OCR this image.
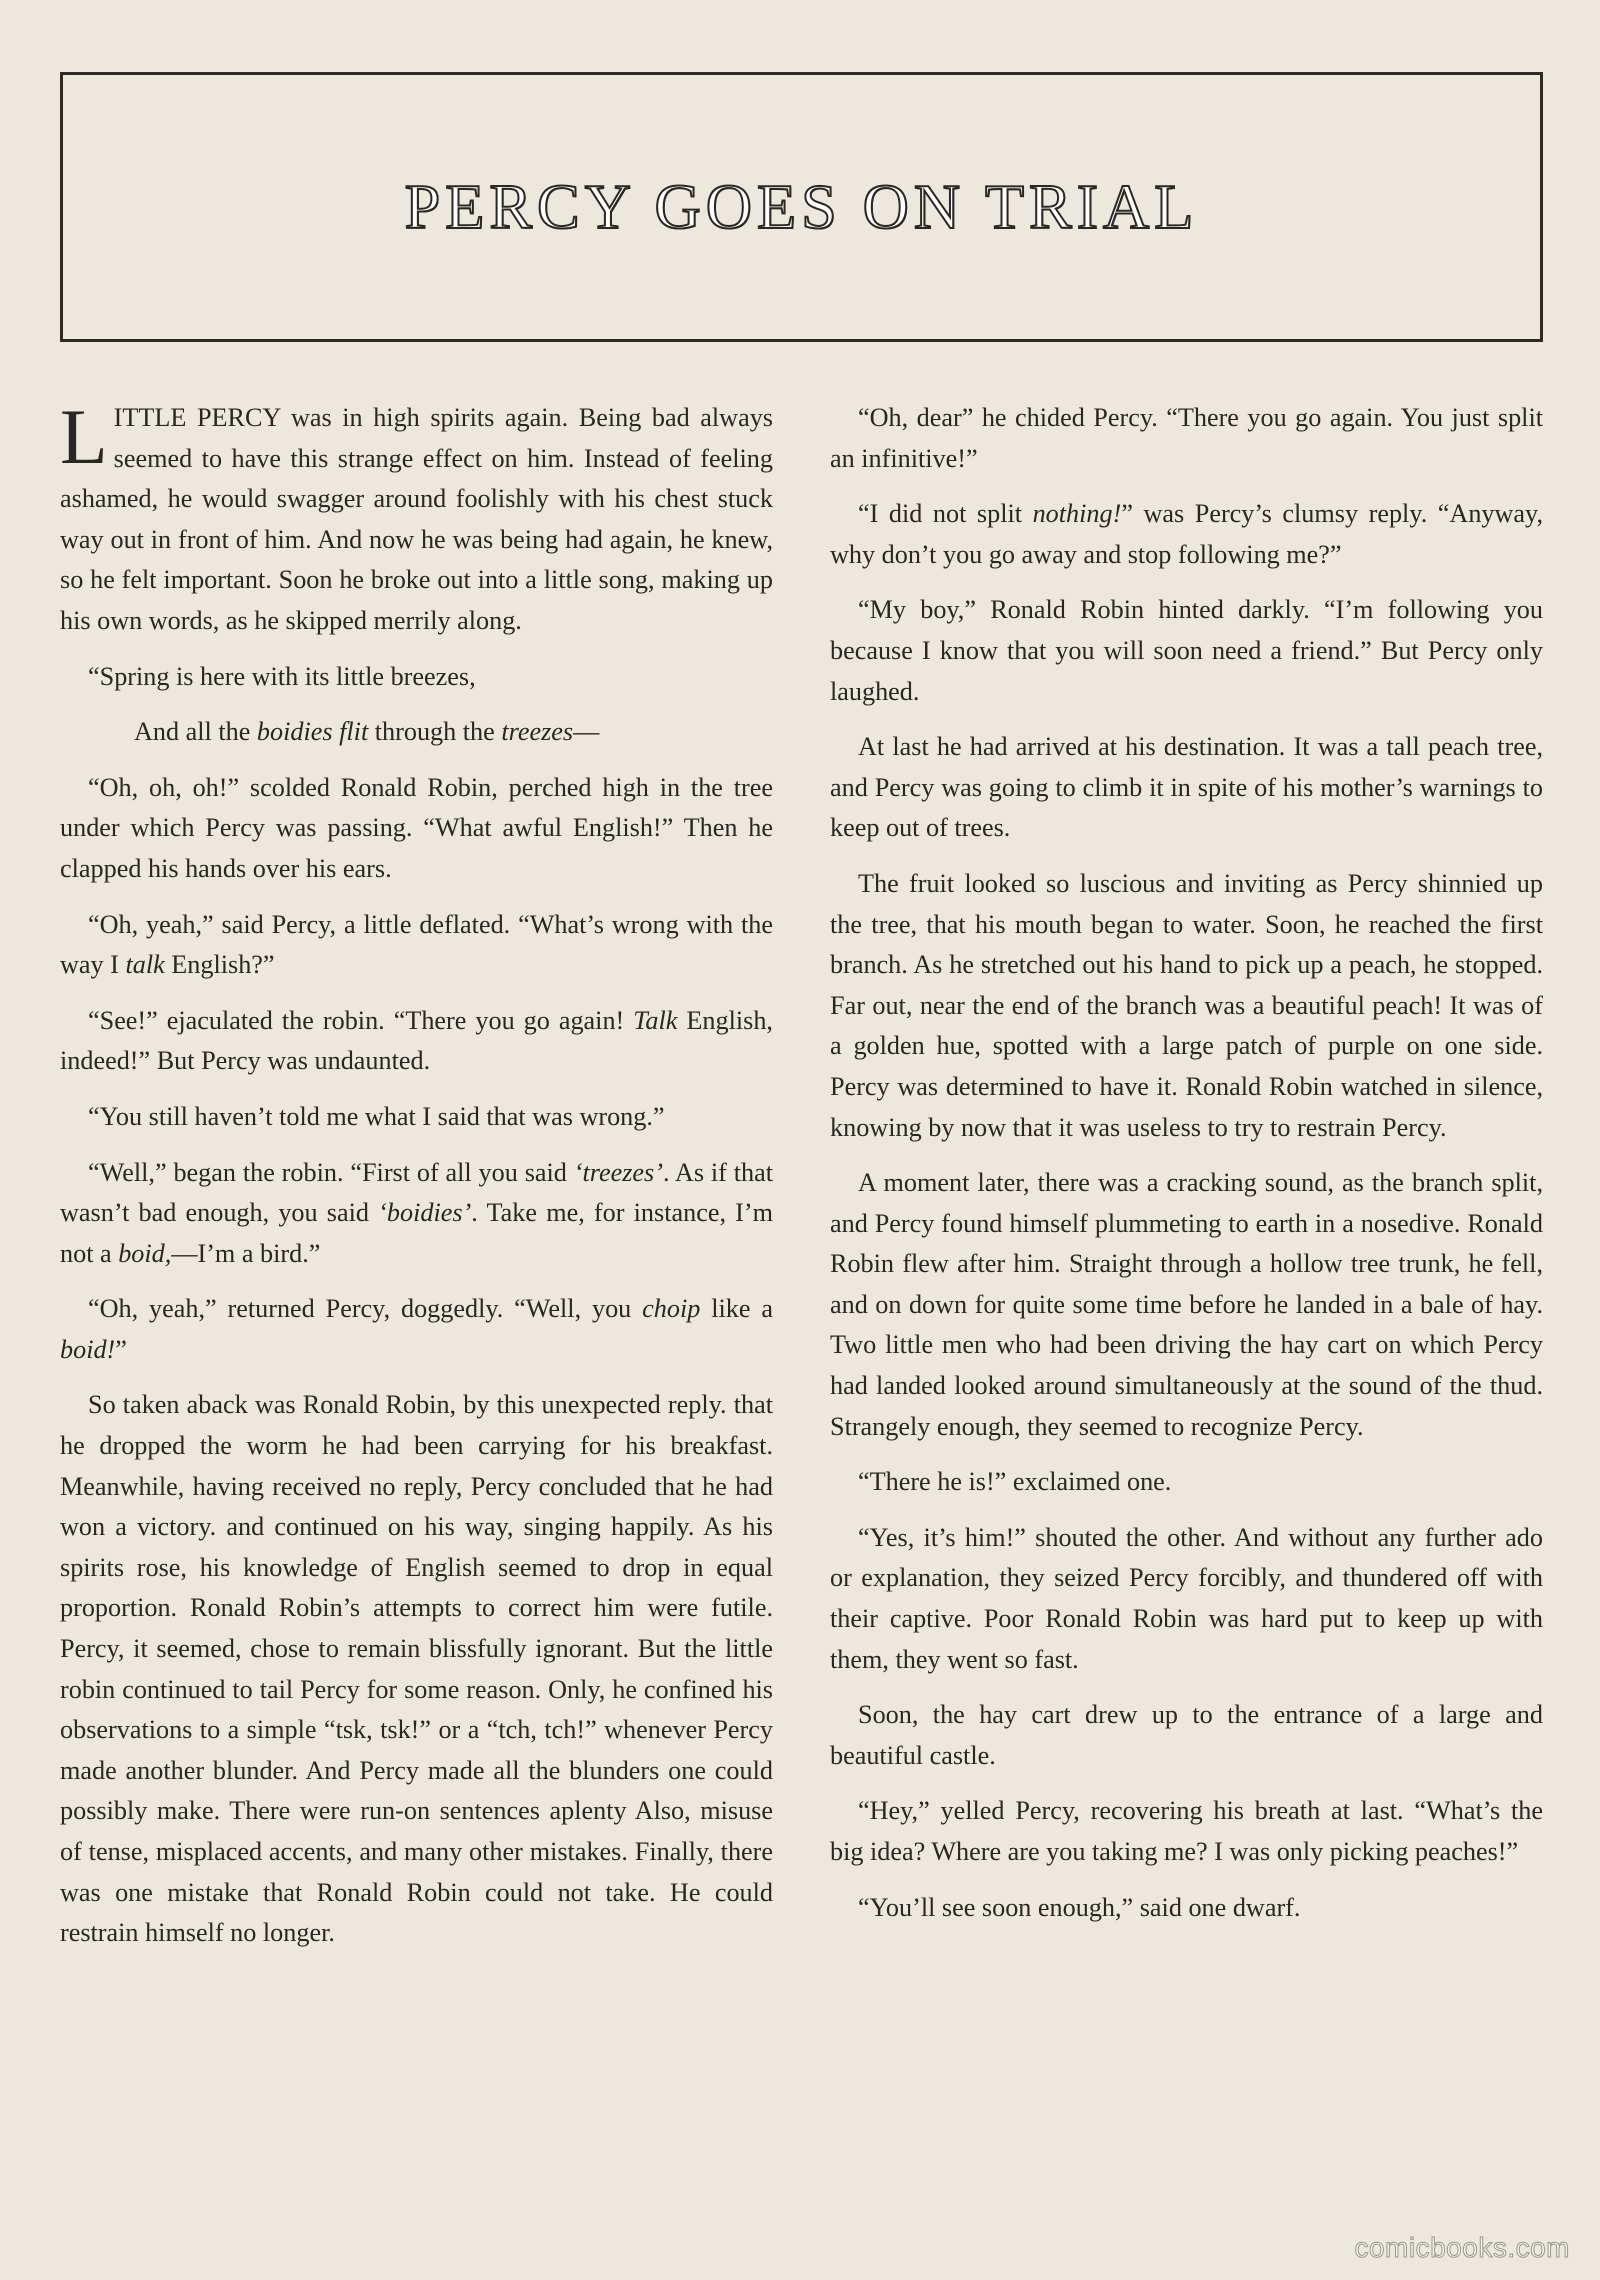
PERCY GOES ON TRIAL

LITTLE PERCY was in high spirits again. Being bad always seemed to have this strange effect on him. Instead of feeling ashamed, he would swagger around foolishly with his chest stuck way out in front of him. And now he was being had again, he knew, so he felt important. Soon he broke out into a little song, making up his own words, as he skipped merrily along.

“Spring is here with its little breezes,

And all the boidies flit through the treezes—

“Oh, oh, oh!” scolded Ronald Robin, perched high in the tree under which Percy was passing. “What awful English!” Then he clapped his hands over his ears.

“Oh, yeah,” said Percy, a little deflated. “What’s wrong with the way I talk English?”

“See!” ejaculated the robin. “There you go again! Talk English, indeed!” But Percy was undaunted.

“You still haven’t told me what I said that was wrong.”

“Well,” began the robin. “First of all you said ‘treezes’. As if that wasn’t bad enough, you said ‘boidies’. Take me, for instance, I’m not a boid,—I’m a bird.”

“Oh, yeah,” returned Percy, doggedly. “Well, you choip like a boid!”

So taken aback was Ronald Robin, by this unexpected reply. that he dropped the worm he had been carrying for his breakfast. Meanwhile, having received no reply, Percy concluded that he had won a victory. and continued on his way, singing happily. As his spirits rose, his knowledge of English seemed to drop in equal proportion. Ronald Robin’s attempts to correct him were futile. Percy, it seemed, chose to remain blissfully ignorant. But the little robin continued to tail Percy for some reason. Only, he confined his observations to a simple “tsk, tsk!” or a “tch, tch!” whenever Percy made another blunder. And Percy made all the blunders one could possibly make. There were run-on sentences aplenty Also, misuse of tense, misplaced accents, and many other mistakes. Finally, there was one mistake that Ronald Robin could not take. He could restrain himself no longer.

“Oh, dear” he chided Percy. “There you go again. You just split an infinitive!”

“I did not split nothing!” was Percy’s clumsy reply. “Anyway, why don’t you go away and stop following me?”

“My boy,” Ronald Robin hinted darkly. “I’m following you because I know that you will soon need a friend.” But Percy only laughed.

At last he had arrived at his destination. It was a tall peach tree, and Percy was going to climb it in spite of his mother’s warnings to keep out of trees.

The fruit looked so luscious and inviting as Percy shinnied up the tree, that his mouth began to water. Soon, he reached the first branch. As he stretched out his hand to pick up a peach, he stopped. Far out, near the end of the branch was a beautiful peach! It was of a golden hue, spotted with a large patch of purple on one side. Percy was determined to have it. Ronald Robin watched in silence, knowing by now that it was useless to try to restrain Percy.

A moment later, there was a cracking sound, as the branch split, and Percy found himself plummeting to earth in a nosedive. Ronald Robin flew after him. Straight through a hollow tree trunk, he fell, and on down for quite some time before he landed in a bale of hay. Two little men who had been driving the hay cart on which Percy had landed looked around simultaneously at the sound of the thud. Strangely enough, they seemed to recognize Percy.

“There he is!” exclaimed one.

“Yes, it’s him!” shouted the other. And without any further ado or explanation, they seized Percy forcibly, and thundered off with their captive. Poor Ronald Robin was hard put to keep up with them, they went so fast.

Soon, the hay cart drew up to the entrance of a large and beautiful castle.

“Hey,” yelled Percy, recovering his breath at last. “What’s the big idea? Where are you taking me? I was only picking peaches!”

“You’ll see soon enough,” said one dwarf.

comicbooks.com
